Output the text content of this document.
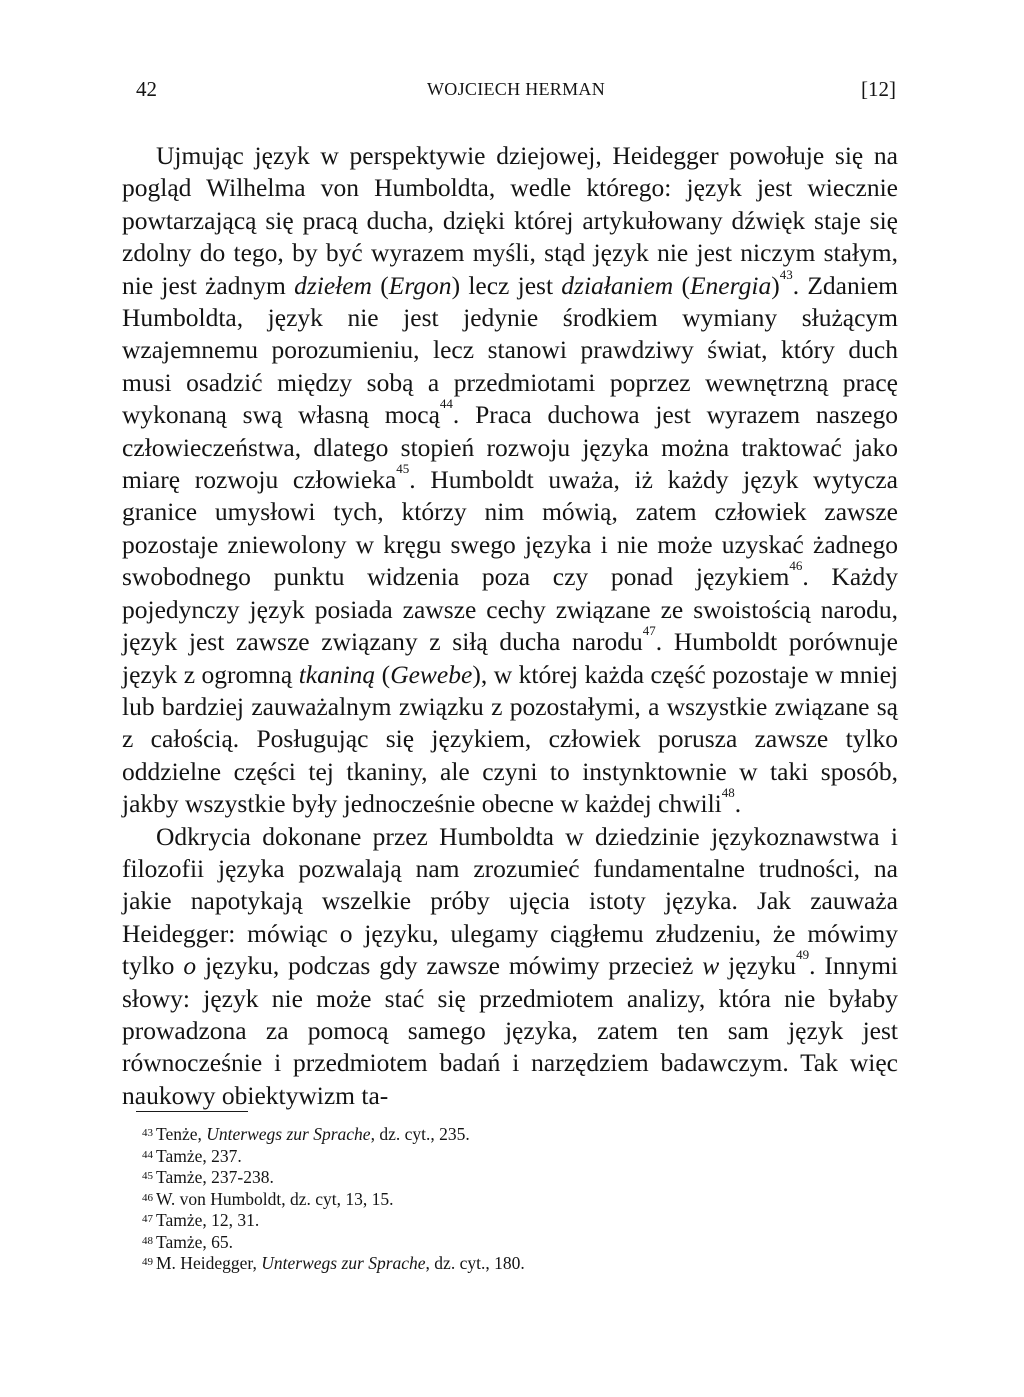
42	WOJCIECH HERMAN	[12]

Ujmując język w perspektywie dziejowej, Heidegger powołuje się na pogląd Wilhelma von Humboldta, wedle którego: język jest wiecznie powtarzającą się pracą ducha, dzięki której artykułowany dźwięk staje się zdolny do tego, by być wyrazem myśli, stąd język nie jest niczym stałym, nie jest żadnym dziełem (Ergon) lecz jest działaniem (Energia)$^{43}$. Zdaniem Humboldta, język nie jest jedynie środkiem wymiany służącym wzajemnemu porozumieniu, lecz stanowi prawdziwy świat, który duch musi osadzić między sobą a przedmiotami poprzez wewnętrzną pracę wykonaną swą własną mocą$^{44}$. Praca duchowa jest wyrazem naszego człowieczeństwa, dlatego stopień rozwoju języka można traktować jako miarę rozwoju człowieka$^{45}$. Humboldt uważa, iż każdy język wytycza granice umysłowi tych, którzy nim mówią, zatem człowiek zawsze pozostaje zniewolony w kręgu swego języka i nie może uzyskać żadnego swobodnego punktu widzenia poza czy ponad językiem$^{46}$. Każdy pojedynczy język posiada zawsze cechy związane ze swoistością narodu, język jest zawsze związany z siłą ducha narodu$^{47}$. Humboldt porównuje język z ogromną tkaniną (Gewebe), w której każda część pozostaje w mniej lub bardziej zauważalnym związku z pozostałymi, a wszystkie związane są z całością. Posługując się językiem, człowiek porusza zawsze tylko oddzielne części tej tkaniny, ale czyni to instynktownie w taki sposób, jakby wszystkie były jednocześnie obecne w każdej chwili$^{48}$.

Odkrycia dokonane przez Humboldta w dziedzinie językoznawstwa i filozofii języka pozwalają nam zrozumieć fundamentalne trudności, na jakie napotykają wszelkie próby ujęcia istoty języka. Jak zauważa Heidegger: mówiąc o języku, ulegamy ciągłemu złudzeniu, że mówimy tylko o języku, podczas gdy zawsze mówimy przecież w języku$^{49}$. Innymi słowy: język nie może stać się przedmiotem analizy, która nie byłaby prowadzona za pomocą samego języka, zatem ten sam język jest równocześnie i przedmiotem badań i narzędziem badawczym. Tak więc naukowy obiektywizm ta-

$^{43}$ Tenże, Unterwegs zur Sprache, dz. cyt., 235.
$^{44}$ Tamże, 237.
$^{45}$ Tamże, 237-238.
$^{46}$ W. von Humboldt, dz. cyt, 13, 15.
$^{47}$ Tamże, 12, 31.
$^{48}$ Tamże, 65.
$^{49}$ M. Heidegger, Unterwegs zur Sprache, dz. cyt., 180.
